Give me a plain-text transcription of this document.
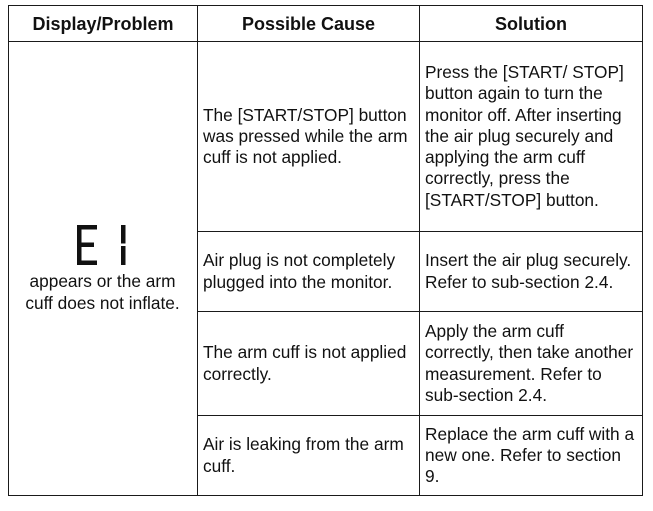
Display/Problem	Possible Cause	Solution

appears or the arm cuff does not inflate.	The [START/STOP] button was pressed while the arm cuff is not applied.	Press the [START/ STOP] button again to turn the monitor off. After inserting the air plug securely and applying the arm cuff correctly, press the [START/STOP] button.
	Air plug is not completely plugged into the monitor.	Insert the air plug securely. Refer to sub-section 2.4.
	The arm cuff is not applied correctly.	Apply the arm cuff correctly, then take another measurement. Refer to sub-section 2.4.
	Air is leaking from the arm cuff.	Replace the arm cuff with a new one. Refer to section 9.
